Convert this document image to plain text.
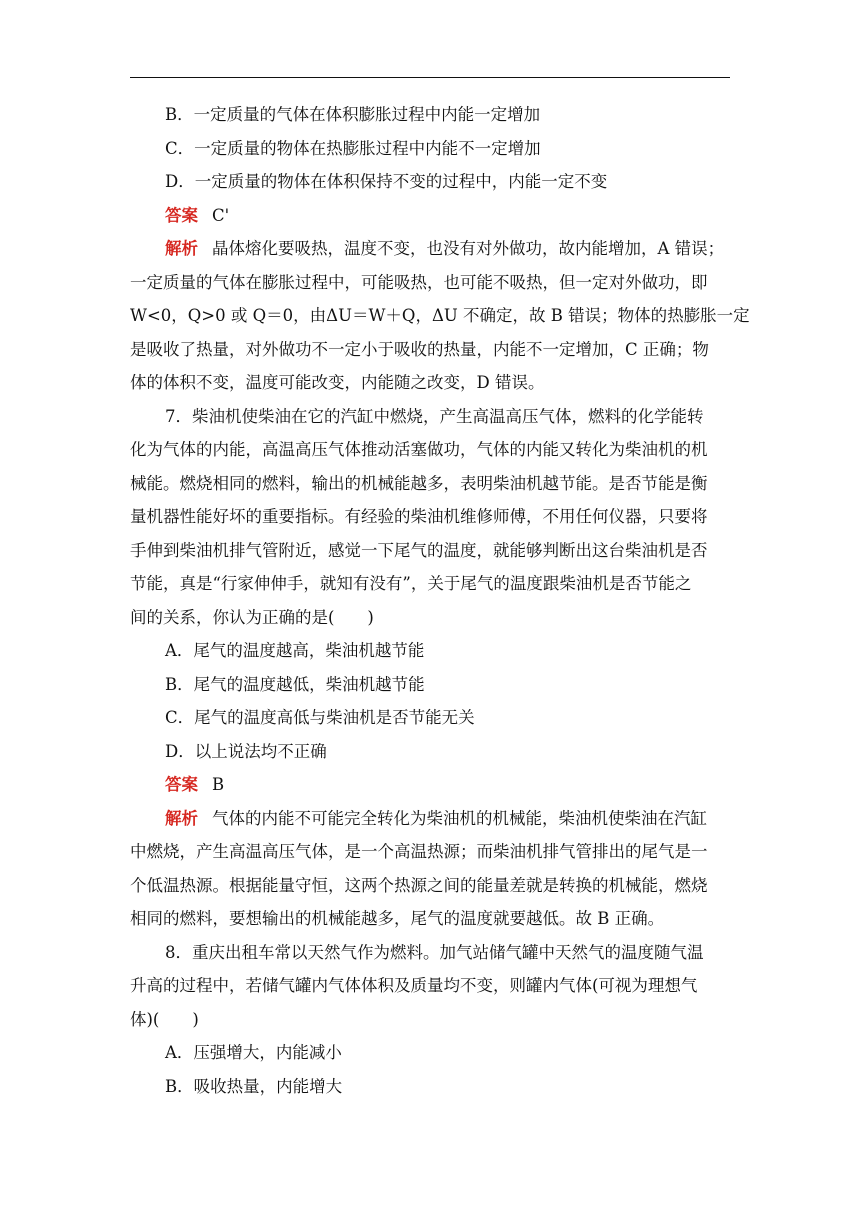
B．一定质量的气体在体积膨胀过程中内能一定增加
C．一定质量的物体在热膨胀过程中内能不一定增加
D．一定质量的物体在体积保持不变的过程中，内能一定不变
答案 C'
解析 晶体熔化要吸热，温度不变，也没有对外做功，故内能增加，A 错误；
一定质量的气体在膨胀过程中，可能吸热，也可能不吸热，但一定对外做功，即
W<0，Q>0 或 Q＝0，由ΔU＝W＋Q，ΔU 不确定，故 B 错误；物体的热膨胀一定
是吸收了热量，对外做功不一定小于吸收的热量，内能不一定增加，C 正确；物
体的体积不变，温度可能改变，内能随之改变，D 错误。
7．柴油机使柴油在它的汽缸中燃烧，产生高温高压气体，燃料的化学能转
化为气体的内能，高温高压气体推动活塞做功，气体的内能又转化为柴油机的机
械能。燃烧相同的燃料，输出的机械能越多，表明柴油机越节能。是否节能是衡
量机器性能好坏的重要指标。有经验的柴油机维修师傅，不用任何仪器，只要将
手伸到柴油机排气管附近，感觉一下尾气的温度，就能够判断出这台柴油机是否
节能，真是“行家伸伸手，就知有没有”，关于尾气的温度跟柴油机是否节能之
间的关系，你认为正确的是(　　)
A．尾气的温度越高，柴油机越节能
B．尾气的温度越低，柴油机越节能
C．尾气的温度高低与柴油机是否节能无关
D．以上说法均不正确
答案 B
解析 气体的内能不可能完全转化为柴油机的机械能，柴油机使柴油在汽缸
中燃烧，产生高温高压气体，是一个高温热源；而柴油机排气管排出的尾气是一
个低温热源。根据能量守恒，这两个热源之间的能量差就是转换的机械能，燃烧
相同的燃料，要想输出的机械能越多，尾气的温度就要越低。故 B 正确。
8．重庆出租车常以天然气作为燃料。加气站储气罐中天然气的温度随气温
升高的过程中，若储气罐内气体体积及质量均不变，则罐内气体(可视为理想气
体)(　　)
A．压强增大，内能减小
B．吸收热量，内能增大
